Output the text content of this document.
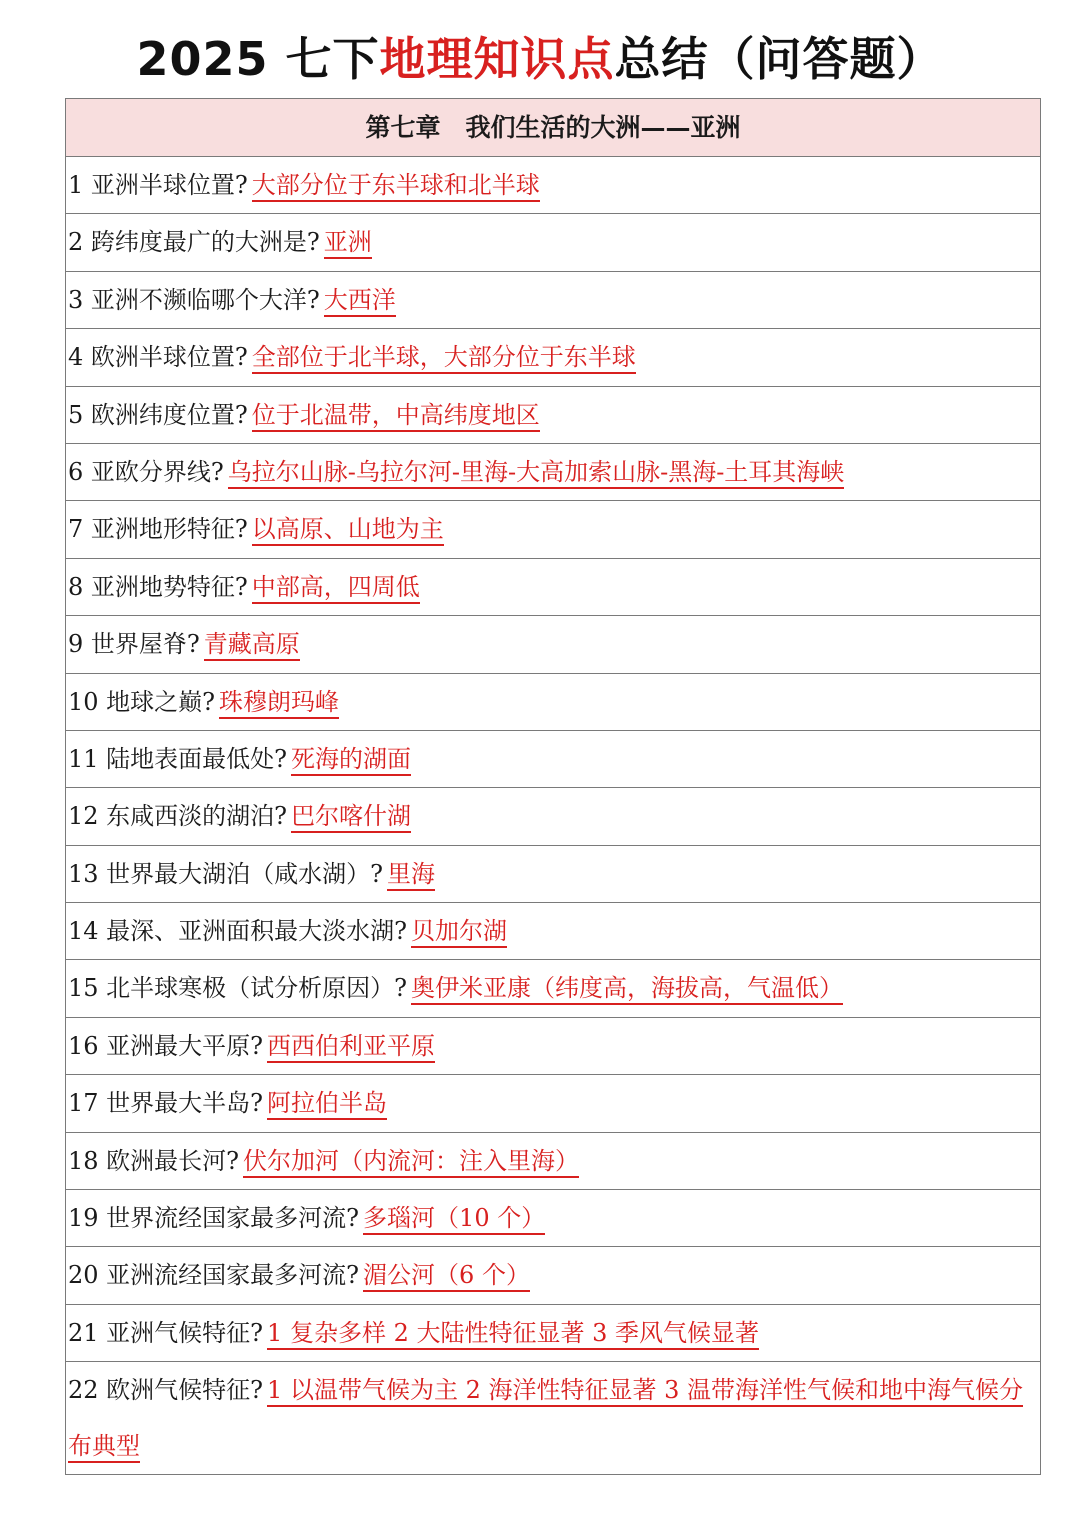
2025 七下地理知识点总结（问答题）
第七章　我们生活的大洲——亚洲
1 亚洲半球位置? 大部分位于东半球和北半球
2 跨纬度最广的大洲是? 亚洲
3 亚洲不濒临哪个大洋? 大西洋
4 欧洲半球位置? 全部位于北半球，大部分位于东半球
5 欧洲纬度位置? 位于北温带，中高纬度地区
6 亚欧分界线? 乌拉尔山脉-乌拉尔河-里海-大高加索山脉-黑海-土耳其海峡
7 亚洲地形特征? 以高原、山地为主
8 亚洲地势特征? 中部高，四周低
9 世界屋脊? 青藏高原
10 地球之巅? 珠穆朗玛峰
11 陆地表面最低处? 死海的湖面
12 东咸西淡的湖泊? 巴尔喀什湖
13 世界最大湖泊（咸水湖）? 里海
14 最深、亚洲面积最大淡水湖? 贝加尔湖
15 北半球寒极（试分析原因）? 奥伊米亚康（纬度高，海拔高，气温低）
16 亚洲最大平原? 西西伯利亚平原
17 世界最大半岛? 阿拉伯半岛
18 欧洲最长河? 伏尔加河（内流河：注入里海）
19 世界流经国家最多河流? 多瑙河（10 个）
20 亚洲流经国家最多河流? 湄公河（6 个）
21 亚洲气候特征? 1 复杂多样 2 大陆性特征显著 3 季风气候显著
22 欧洲气候特征? 1 以温带气候为主 2 海洋性特征显著 3 温带海洋性气候和地中海气候分布典型
